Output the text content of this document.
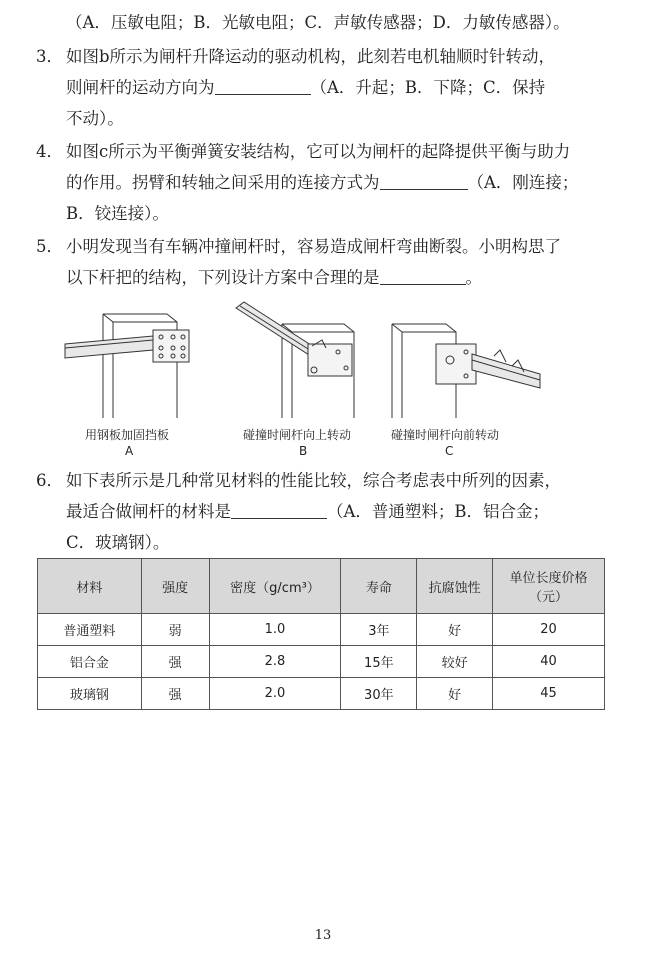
（A．压敏电阻；B．光敏电阻；C．声敏传感器；D．力敏传感器）。
3． 如图b所示为闸杆升降运动的驱动机构，此刻若电机轴顺时针转动，
则闸杆的运动方向为	（A．升起；B．下降；C．保持
不动）。
4． 如图c所示为平衡弹簧安装结构，它可以为闸杆的起降提供平衡与助力
的作用。拐臂和转轴之间采用的连接方式为	（A．刚连接；
B．铰连接）。
5． 小明发现当有车辆冲撞闸杆时，容易造成闸杆弯曲断裂。小明构思了
以下杆把的结构，下列设计方案中合理的是	。
用钢板加固挡板
A
碰撞时闸杆向上转动
B
碰撞时闸杆向前转动
C
6． 如下表所示是几种常见材料的性能比较，综合考虑表中所列的因素，
最适合做闸杆的材料是	（A．普通塑料；B．铝合金；
C．玻璃钢）。
材料	强度	密度（g/cm³）	寿命	抗腐蚀性	单位长度价格（元）
普通塑料	弱	1.0	3年	好	20
铝合金	强	2.8	15年	较好	40
玻璃钢	强	2.0	30年	好	45
13
